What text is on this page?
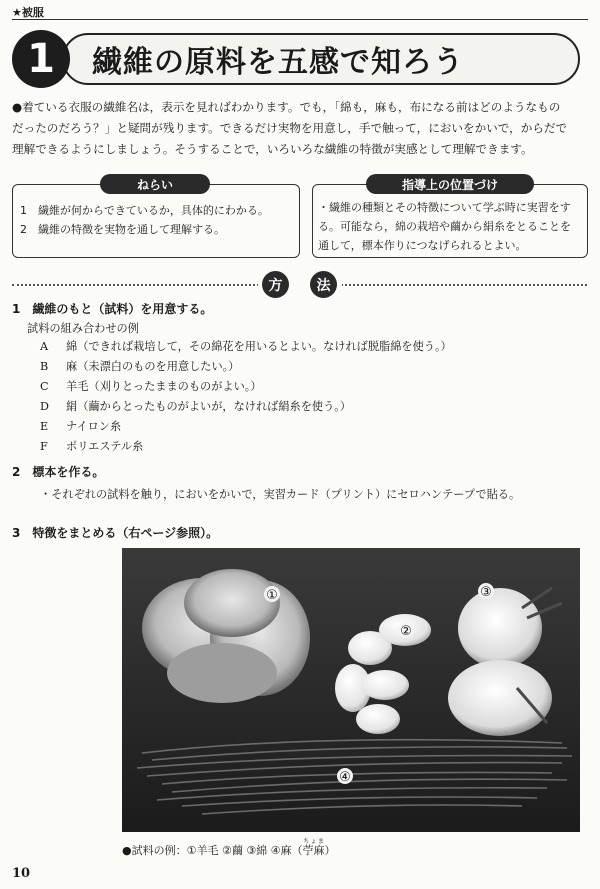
★被服
繊維の原料を五感で知ろう
1
●着ている衣服の繊維名は，表示を見ればわかります。でも，「綿も，麻も，布になる前はどのようなもの
だったのだろう？」と疑問が残ります。できるだけ実物を用意し，手で触って，においをかいで，からだで
理解できるようにしましょう。そうすることで，いろいろな繊維の特徴が実感として理解できます。
ねらい
1　繊維が何からできているか，具体的にわかる。
2　繊維の特徴を実物を通して理解する。
指導上の位置づけ
・繊維の種類とその特徴について学ぶ時に実習をす
る。可能なら，綿の栽培や繭から絹糸をとることを
通して，標本作りにつなげられるとよい。
方	法
1　繊維のもと（試料）を用意する。
試料の組み合わせの例
A 綿（できれば栽培して，その綿花を用いるとよい。なければ脱脂綿を使う。）
B 麻（未漂白のものを用意したい。）
C 羊毛（刈りとったままのものがよい。）
D 絹（繭からとったものがよいが，なければ絹糸を使う。）
E ナイロン糸
F ポリエステル糸
2　標本を作る。
・それぞれの試料を触り，においをかいで，実習カード（プリント）にセロハンテープで貼る。
3　特徴をまとめる（右ページ参照）。
①
②
③
④
●試料の例：①羊毛 ②繭 ③綿 ④麻（苧麻ちょま）
10
